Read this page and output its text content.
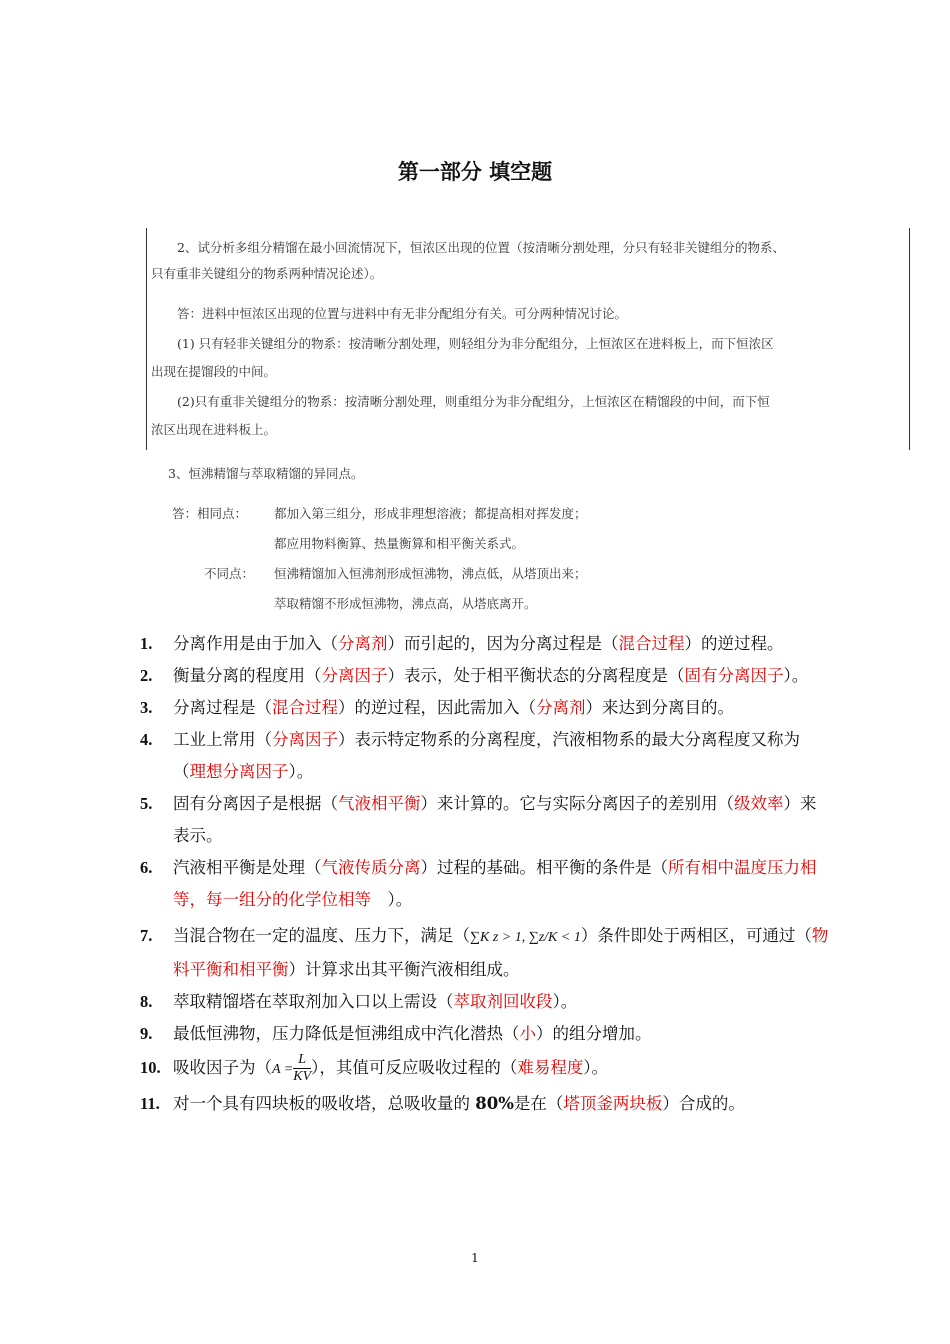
第一部分 填空题
2、试分析多组分精馏在最小回流情况下，恒浓区出现的位置（按清晰分割处理，分只有轻非关键组分的物系、
只有重非关键组分的物系两种情况论述）。
答：进料中恒浓区出现的位置与进料中有无非分配组分有关。可分两种情况讨论。
(1) 只有轻非关键组分的物系：按清晰分割处理，则轻组分为非分配组分，上恒浓区在进料板上，而下恒浓区
出现在提馏段的中间。
(2)只有重非关键组分的物系：按清晰分割处理，则重组分为非分配组分，上恒浓区在精馏段的中间，而下恒
浓区出现在进料板上。
3、恒沸精馏与萃取精馏的异同点。
答：相同点： 都加入第三组分，形成非理想溶液；都提高相对挥发度；
都应用物料衡算、热量衡算和相平衡关系式。
不同点： 恒沸精馏加入恒沸剂形成恒沸物，沸点低，从塔顶出来；
萃取精馏不形成恒沸物，沸点高，从塔底离开。
1. 分离作用是由于加入（分离剂）而引起的，因为分离过程是（混合过程）的逆过程。
2. 衡量分离的程度用（分离因子）表示，处于相平衡状态的分离程度是（固有分离因子）。
3. 分离过程是（混合过程）的逆过程，因此需加入（分离剂）来达到分离目的。
4. 工业上常用（分离因子）表示特定物系的分离程度，汽液相物系的最大分离程度又称为（理想分离因子）。
5. 固有分离因子是根据（气液相平衡）来计算的。它与实际分离因子的差别用（级效率）来表示。
6. 汽液相平衡是处理（气液传质分离）过程的基础。相平衡的条件是（所有相中温度压力相等，每一组分的化学位相等　）。
7. 当混合物在一定的温度、压力下，满足（∑K z > 1, ∑z/K < 1）条件即处于两相区，可通过（物料平衡和相平衡）计算求出其平衡汽液相组成。
8. 萃取精馏塔在萃取剂加入口以上需设（萃取剂回收段）。
9. 最低恒沸物，压力降低是恒沸组成中汽化潜热（小）的组分增加。
10. 吸收因子为（$A = \frac{L}{KV}$ ），其值可反应吸收过程的（难易程度）。
11. 对一个具有四块板的吸收塔，总吸收量的 80%是在（塔顶釜两块板）合成的。
1
